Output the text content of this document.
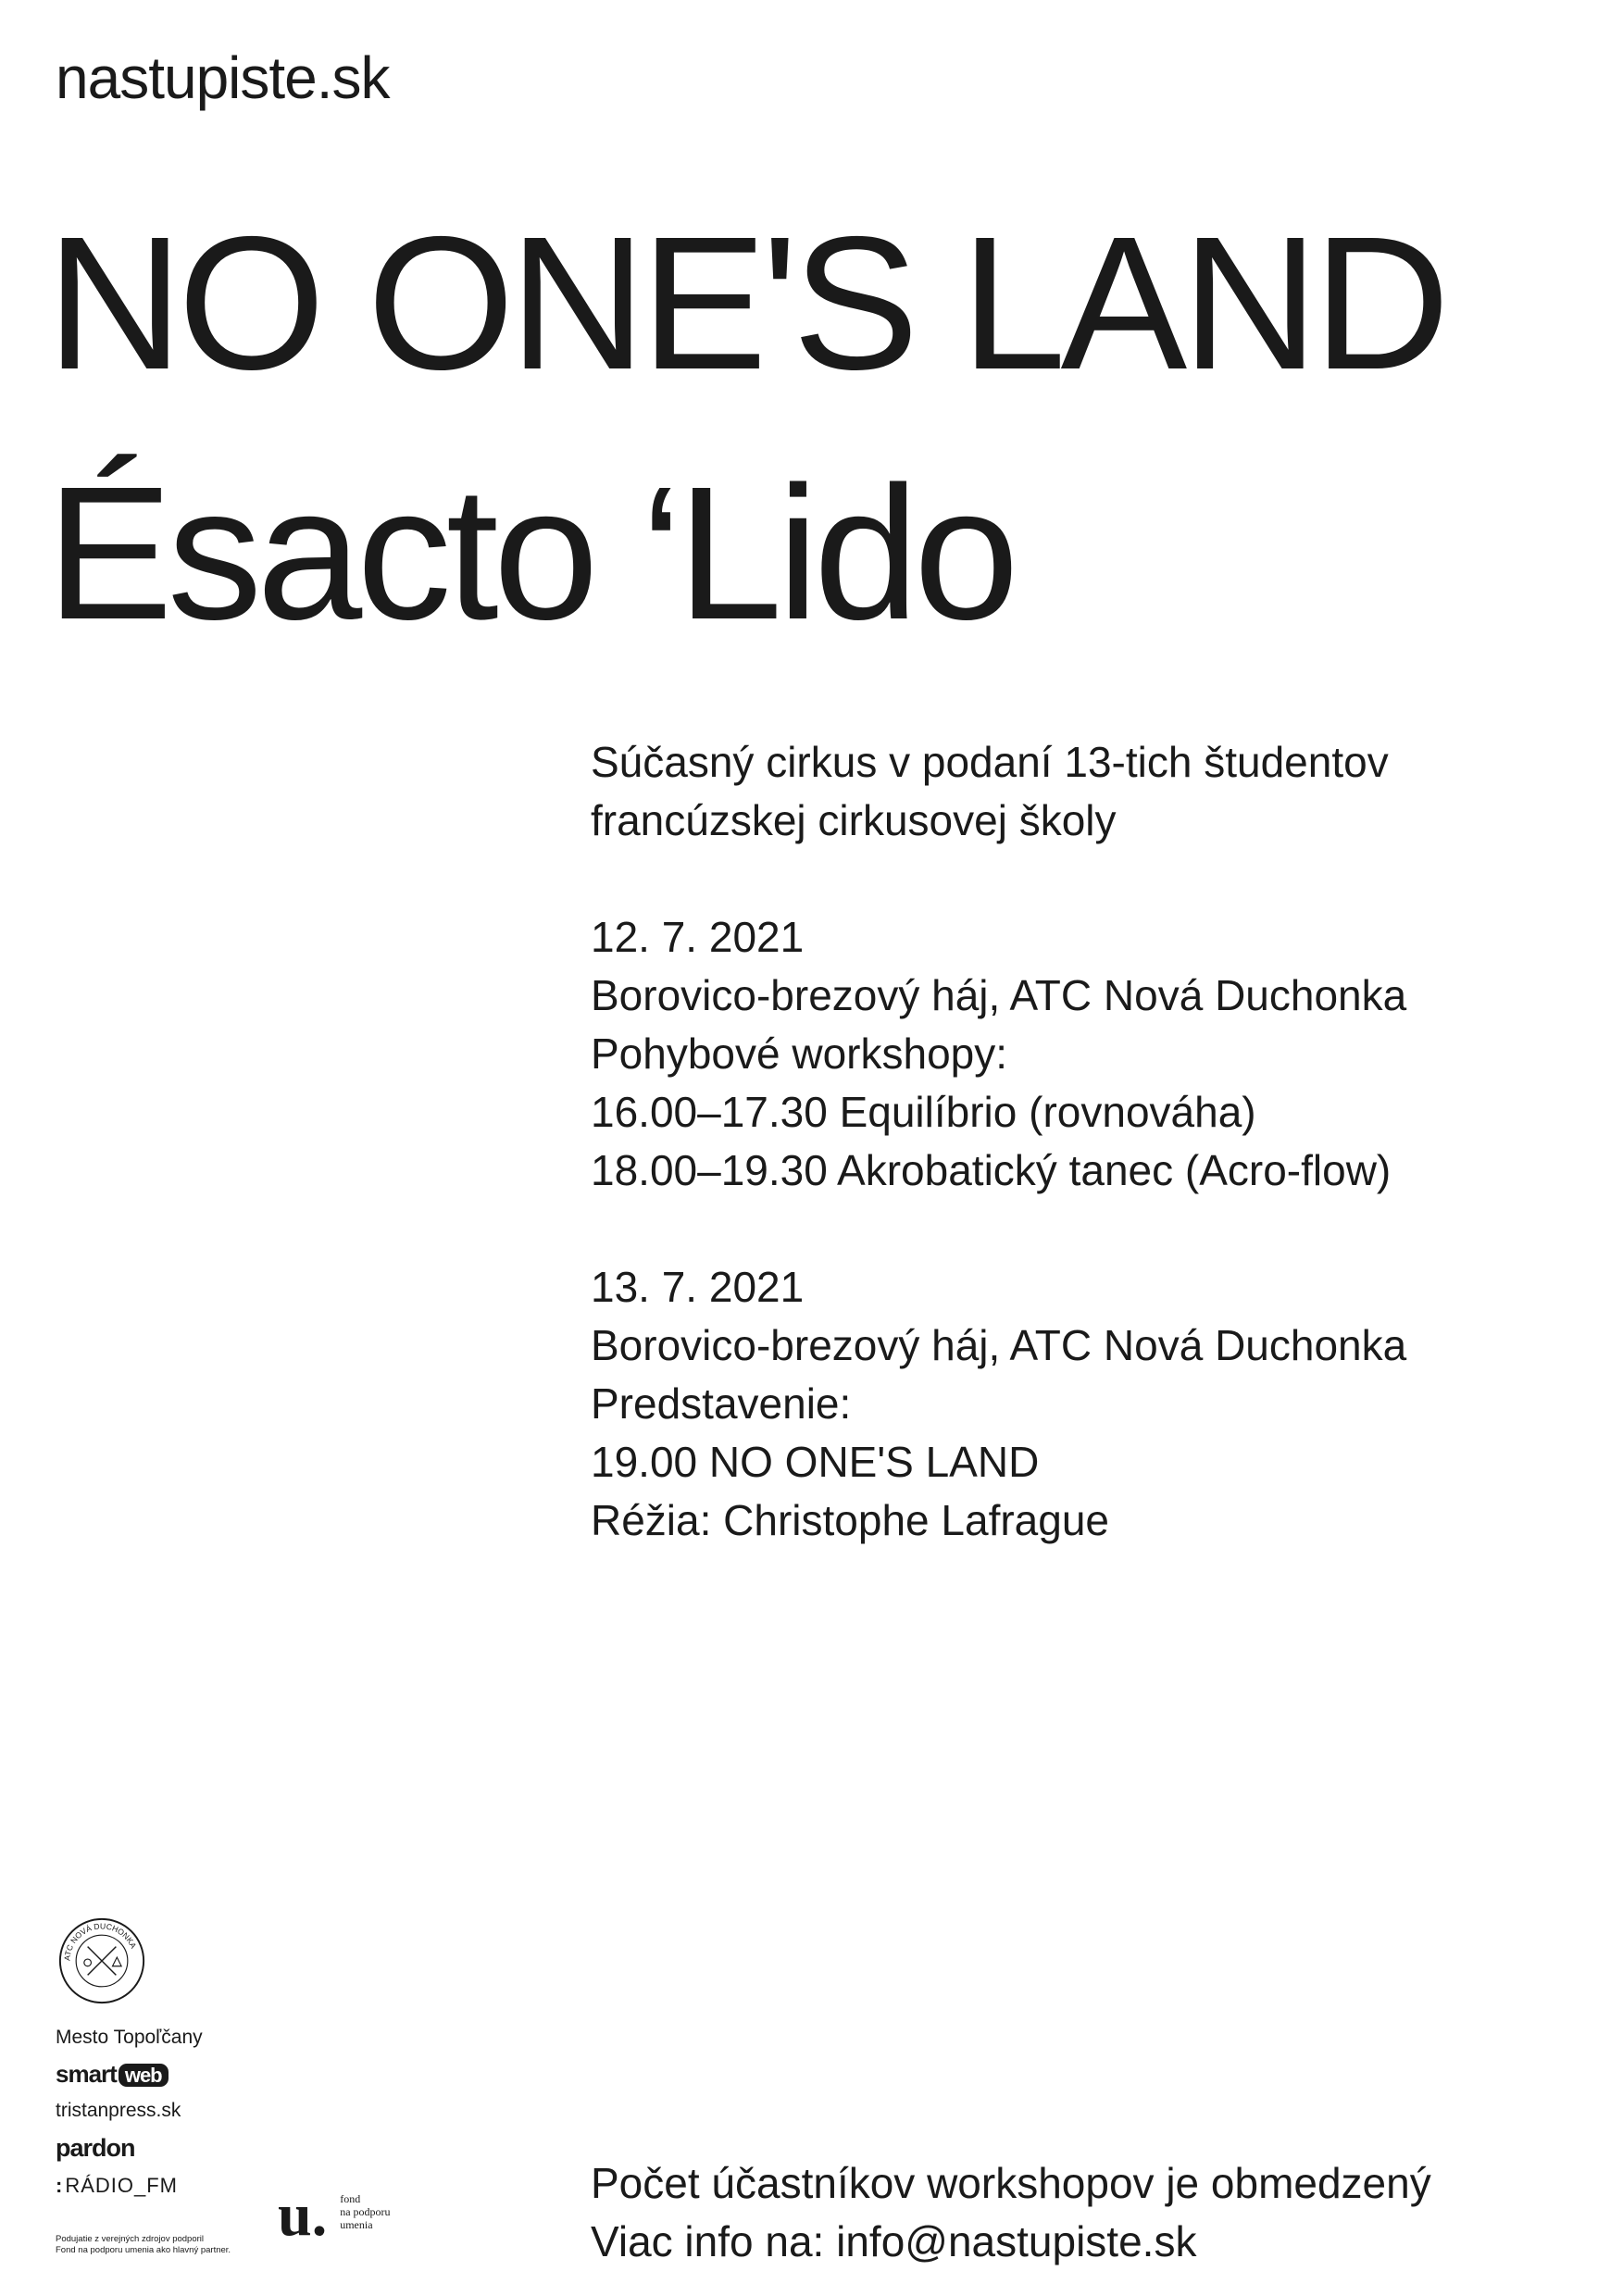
nastupiste.sk
NO ONE'S LAND
Ésacto ‘Lido
Súčasný cirkus v podaní 13-tich študentov
francúzskej cirkusovej školy
12. 7. 2021
Borovico-brezový háj, ATC Nová Duchonka
Pohybové workshopy:
16.00–17.30 Equilíbrio (rovnováha)
18.00–19.30 Akrobatický tanec (Acro-flow)
13. 7. 2021
Borovico-brezový háj, ATC Nová Duchonka
Predstavenie:
19.00 NO ONE'S LAND
Réžia: Christophe Lafrague
ATC NOVÁ DUCHONKA
Mesto Topoľčany
smart web
tristanpress.sk
pardon
:RÁDIO_FM
Podujatie z verejných zdrojov podporil
Fond na podporu umenia ako hlavný partner.
u. fond
na podporu
umenia
Počet účastníkov workshopov je obmedzený
Viac info na: info@nastupiste.sk
